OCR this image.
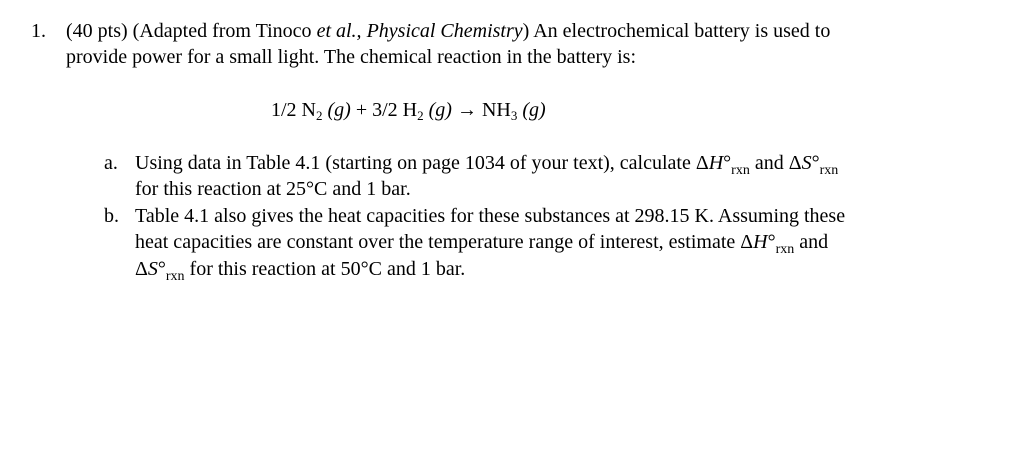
1. (40 pts) (Adapted from Tinoco et al., Physical Chemistry) An electrochemical battery is used to
provide power for a small light. The chemical reaction in the battery is:
1/2 $N_2$ (g) + 3/2 $H_2$ $(g) \to NH_3$ (g)
a. Using data in Table 4.1 (starting on page 1034 of your text), calculate $\Delta H^\circ_{rxn}$ and $\Delta S^\circ_{rxn}$
for this reaction at 25°C and 1 bar.
b. Table 4.1 also gives the heat capacities for these substances at 298.15 K. Assuming these
heat capacities are constant over the temperature range of interest, estimate $\Delta H^\circ_{rxn}$ and
$\Delta S^\circ_{rxn}$ for this reaction at 50°C and 1 bar.
